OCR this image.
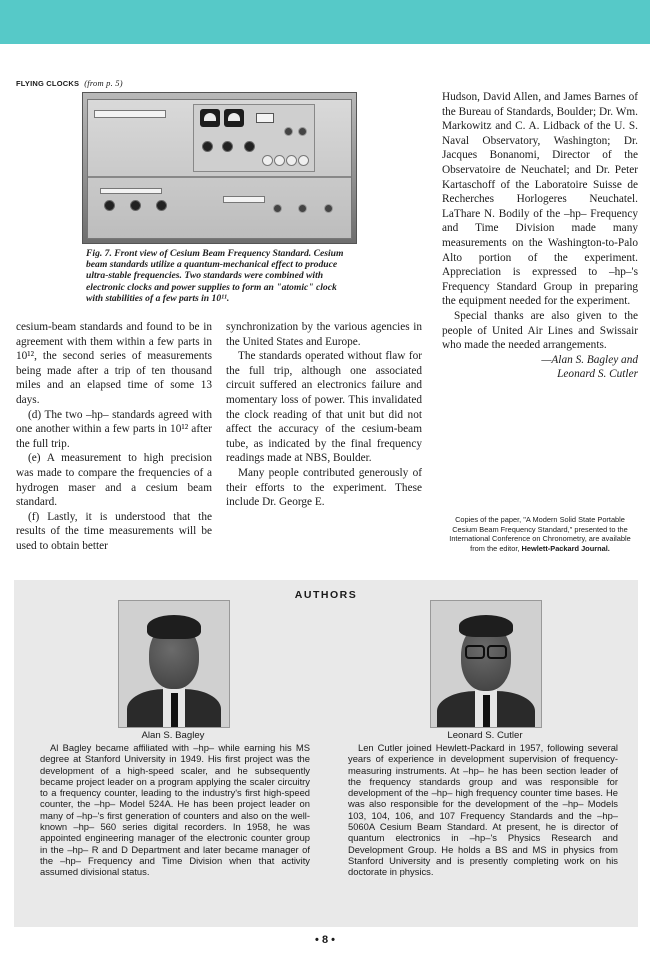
FLYING CLOCKS (from p. 5)
Fig. 7. Front view of Cesium Beam Frequency Standard. Cesium beam standards utilize a quantum-mechanical effect to produce ultra-stable frequencies. Two standards were combined with electronic clocks and power supplies to form an "atomic" clock with stabilities of a few parts in 10¹¹.

cesium-beam standards and found to be in agreement with them within a few parts in 10¹², the second series of measurements being made after a trip of ten thousand miles and an elapsed time of some 13 days.

(d) The two –hp– standards agreed with one another within a few parts in 10¹² after the full trip.

(e) A measurement to high precision was made to compare the frequencies of a hydrogen maser and a cesium beam standard.

(f) Lastly, it is understood that the results of the time measurements will be used to obtain better

synchronization by the various agencies in the United States and Europe.

The standards operated without flaw for the full trip, although one associated circuit suffered an electronics failure and momentary loss of power. This invalidated the clock reading of that unit but did not affect the accuracy of the cesium-beam tube, as indicated by the final frequency readings made at NBS, Boulder.

Many people contributed generously of their efforts to the experiment. These include Dr. George E.

Hudson, David Allen, and James Barnes of the Bureau of Standards, Boulder; Dr. Wm. Markowitz and C. A. Lidback of the U. S. Naval Observatory, Washington; Dr. Jacques Bonanomi, Director of the Observatoire de Neuchatel; and Dr. Peter Kartaschoff of the Laboratoire Suisse de Recherches Horlogeres Neuchatel. LaThare N. Bodily of the –hp– Frequency and Time Division made many measurements on the Washington-to-Palo Alto portion of the experiment. Appreciation is expressed to –hp–'s Frequency Standard Group in preparing the equipment needed for the experiment.

Special thanks are also given to the people of United Air Lines and Swissair who made the needed arrangements.

—Alan S. Bagley and
Leonard S. Cutler

Copies of the paper, "A Modern Solid State Portable Cesium Beam Frequency Standard," presented to the International Conference on Chronometry, are available from the editor, Hewlett-Packard Journal.
AUTHORS
Alan S. Bagley	Leonard S. Cutler

Al Bagley became affiliated with –hp– while earning his MS degree at Stanford University in 1949. His first project was the development of a high-speed scaler, and he subsequently became project leader on a program applying the scaler circuitry to a frequency counter, leading to the industry's first high-speed counter, the –hp– Model 524A. He has been project leader on many of –hp–'s first generation of counters and also on the well-known –hp– 560 series digital recorders. In 1958, he was appointed engineering manager of the electronic counter group in the –hp– R and D Department and later became manager of the –hp– Frequency and Time Division when that activity assumed divisional status.

Len Cutler joined Hewlett-Packard in 1957, following several years of experience in development supervision of frequency-measuring instruments. At –hp– he has been section leader of the frequency standards group and was responsible for development of the –hp– high frequency counter time bases. He was also responsible for the development of the –hp– Models 103, 104, 106, and 107 Frequency Standards and the –hp– 5060A Cesium Beam Standard. At present, he is director of quantum electronics in –hp–'s Physics Research and Development Group. He holds a BS and MS in physics from Stanford University and is presently completing work on his doctorate in physics.

• 8 •
